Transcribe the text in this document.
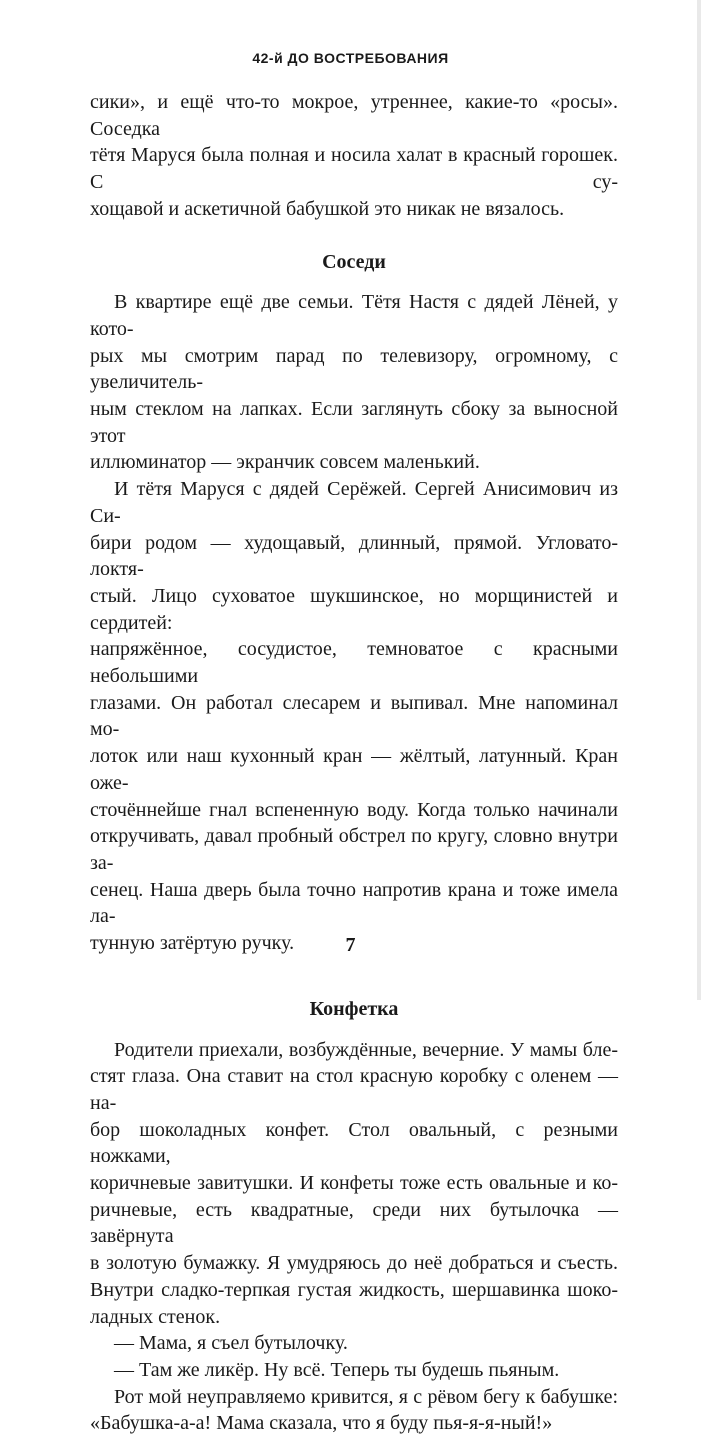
42-й ДО ВОСТРЕБОВАНИЯ

сики», и ещё что-то мокрое, утреннее, какие-то «росы». Соседка

тётя Маруся была полная и носила халат в красный горошек. С су-

хощавой и аскетичной бабушкой это никак не вязалось.

Соседи

В квартире ещё две семьи. Тётя Настя с дядей Лёней, у кото-

рых мы смотрим парад по телевизору, огромному, с увеличитель-

ным стеклом на лапках. Если заглянуть сбоку за выносной этот

иллюминатор — экранчик совсем маленький.

И тётя Маруся с дядей Серёжей. Сергей Анисимович из Си-

бири родом — худощавый, длинный, прямой. Угловато-локтя-

стый. Лицо суховатое шукшинское, но морщинистей и сердитей:

напряжённое, сосудистое, темноватое с красными небольшими

глазами. Он работал слесарем и выпивал. Мне напоминал мо-

лоток или наш кухонный кран — жёлтый, латунный. Кран оже-

сточённейше гнал вспененную воду. Когда только начинали

откручивать, давал пробный обстрел по кругу, словно внутри за-

сенец. Наша дверь была точно напротив крана и тоже имела ла-

тунную затёртую ручку.

Конфетка

Родители приехали, возбуждённые, вечерние. У мамы бле-

стят глаза. Она ставит на стол красную коробку с оленем — на-

бор шоколадных конфет. Стол овальный, с резными ножками,

коричневые завитушки. И конфеты тоже есть овальные и ко-

ричневые, есть квадратные, среди них бутылочка — завёрнута

в золотую бумажку. Я умудряюсь до неё добраться и съесть.

Внутри сладко-терпкая густая жидкость, шершавинка шоко-

ладных стенок.

— Мама, я съел бутылочку.

— Там же ликёр. Ну всё. Теперь ты будешь пьяным.

Рот мой неуправляемо кривится, я с рёвом бегу к бабушке:

«Бабушка-а-а! Мама сказала, что я буду пья-я-я-ный!»

7
